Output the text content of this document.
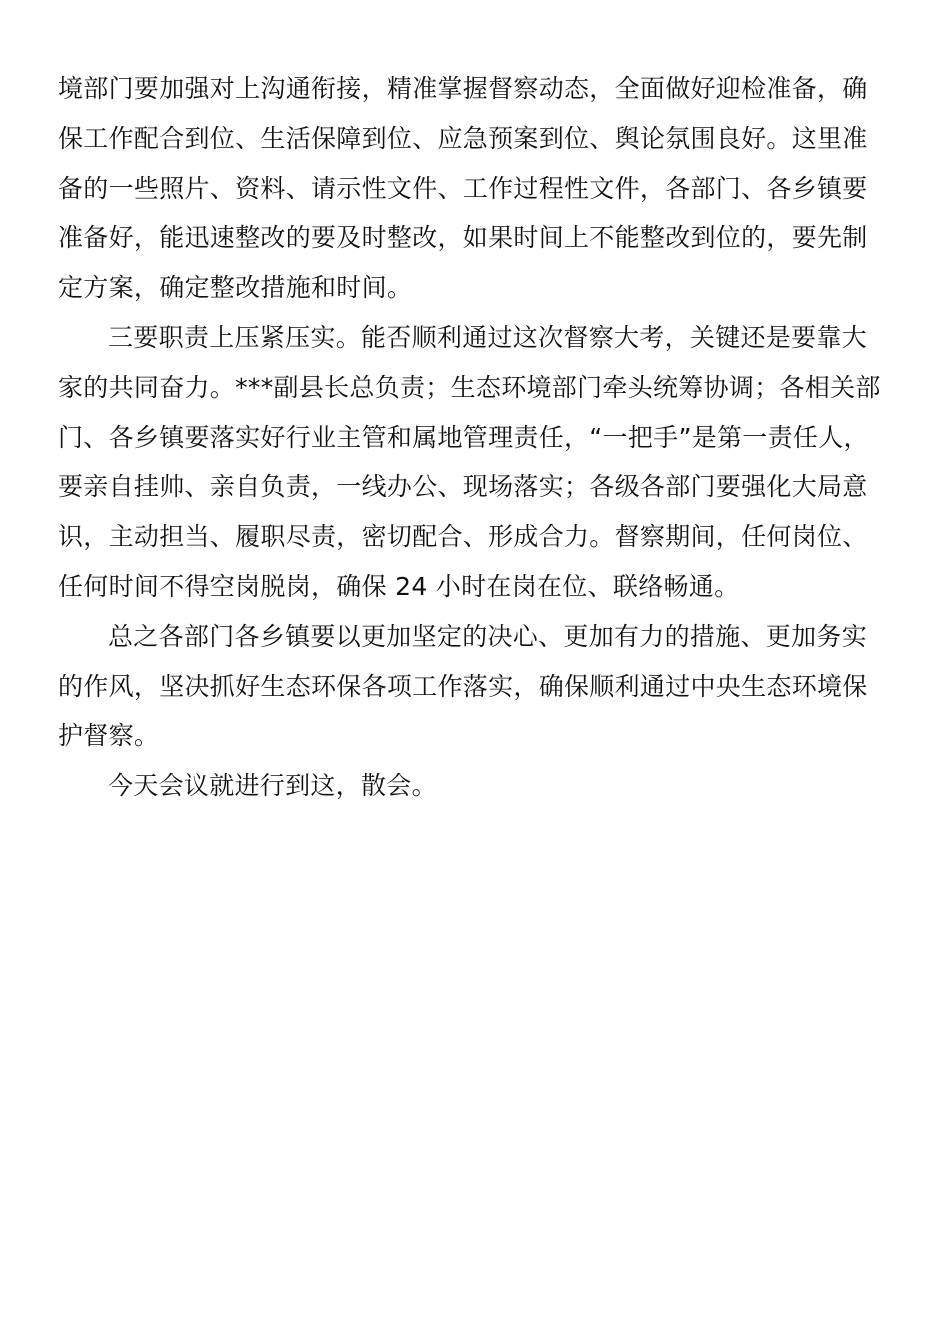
境部门要加强对上沟通衔接，精准掌握督察动态，全面做好迎检准备，确
保工作配合到位、生活保障到位、应急预案到位、舆论氛围良好。这里准
备的一些照片、资料、请示性文件、工作过程性文件，各部门、各乡镇要
准备好，能迅速整改的要及时整改，如果时间上不能整改到位的，要先制
定方案，确定整改措施和时间。

三要职责上压紧压实。能否顺利通过这次督察大考，关键还是要靠大
家的共同奋力。***副县长总负责；生态环境部门牵头统筹协调；各相关部
门、各乡镇要落实好行业主管和属地管理责任，“一把手”是第一责任人，
要亲自挂帅、亲自负责，一线办公、现场落实；各级各部门要强化大局意
识，主动担当、履职尽责，密切配合、形成合力。督察期间，任何岗位、
任何时间不得空岗脱岗，确保 24 小时在岗在位、联络畅通。

总之各部门各乡镇要以更加坚定的决心、更加有力的措施、更加务实
的作风，坚决抓好生态环保各项工作落实，确保顺利通过中央生态环境保
护督察。

今天会议就进行到这，散会。
